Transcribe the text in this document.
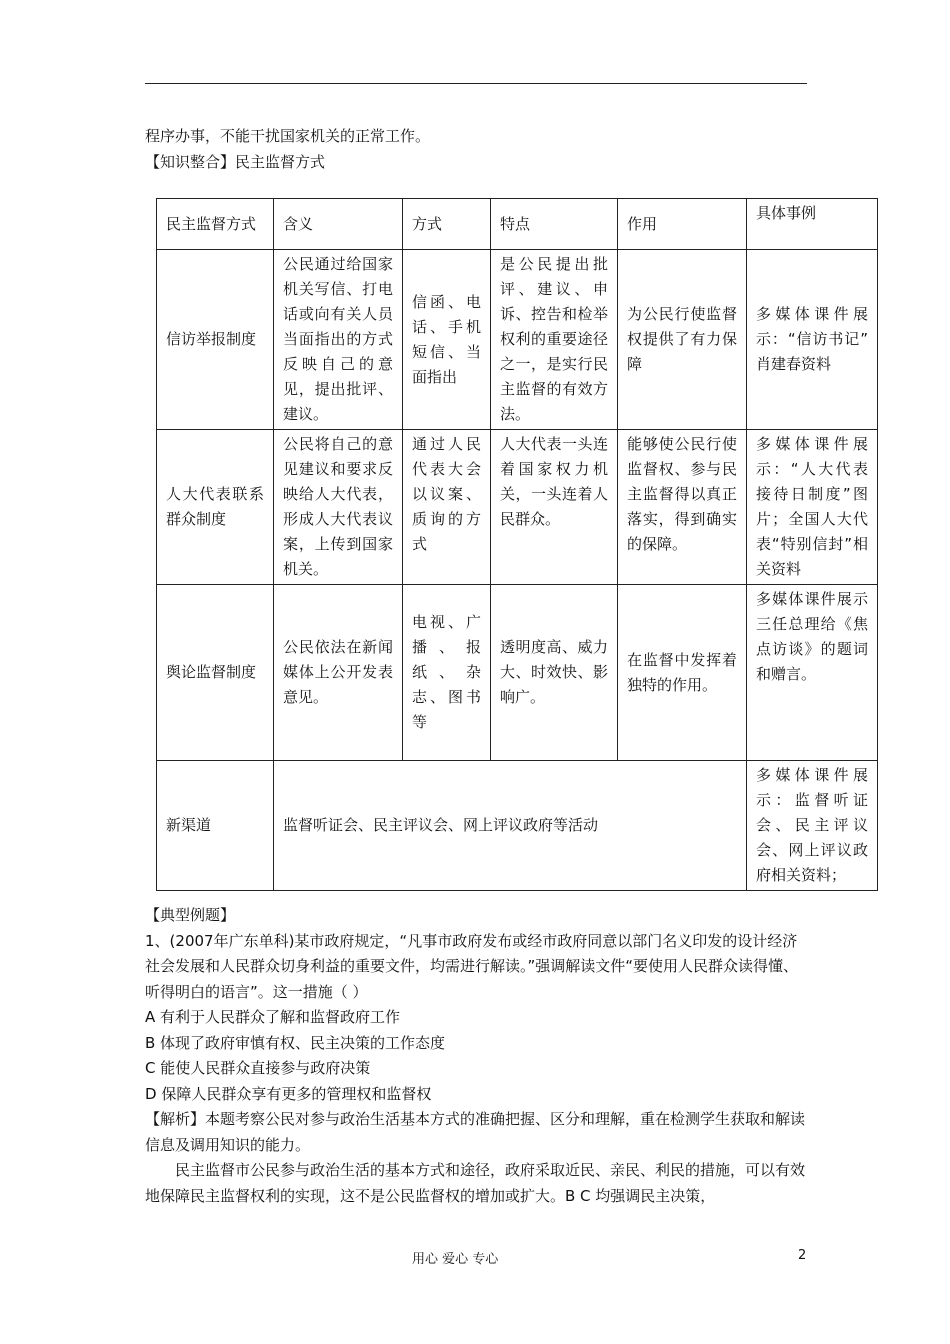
程序办事，不能干扰国家机关的正常工作。
【知识整合】民主监督方式
民主监督方式	含义	方式	特点	作用	具体事例
信访举报制度	公民通过给国家机关写信、打电话或向有关人员当面指出的方式反映自己的意见，提出批评、建议。	信函、电话、手机短信、当面指出	是公民提出批评、建议、申诉、控告和检举权利的重要途径之一，是实行民主监督的有效方法。	为公民行使监督权提供了有力保障	多媒体课件展示：“信访书记” 肖建春资料
人大代表联系群众制度	公民将自己的意见建议和要求反映给人大代表，形成人大代表议案，上传到国家机关。	通过人民代表大会以议案、质询的方式	人大代表一头连着国家权力机关，一头连着人民群众。	能够使公民行使监督权、参与民主监督得以真正落实，得到确实的保障。	多媒体课件展示：“人大代表接待日制度”图片；全国人大代表“特别信封”相关资料
舆论监督制度	公民依法在新闻媒体上公开发表意见。	电视、广播、报纸、杂志、图书等	透明度高、威力大、时效快、影响广。	在监督中发挥着独特的作用。	多媒体课件展示三任总理给《焦点访谈》的题词和赠言。
新渠道	监督听证会、民主评议会、网上评议政府等活动				多媒体课件展示：监督听证会、民主评议会、网上评议政府相关资料；

【典型例题】

1、(2007年广东单科)某市政府规定，“凡事市政府发布或经市政府同意以部门名义印发的设计经济社会发展和人民群众切身利益的重要文件，均需进行解读。”强调解读文件“要使用人民群众读得懂、听得明白的语言”。这一措施（ ）

A 有利于人民群众了解和监督政府工作

B 体现了政府审慎有权、民主决策的工作态度

C 能使人民群众直接参与政府决策

D 保障人民群众享有更多的管理权和监督权

【解析】本题考察公民对参与政治生活基本方式的准确把握、区分和理解，重在检测学生获取和解读信息及调用知识的能力。

民主监督市公民参与政治生活的基本方式和途径，政府采取近民、亲民、利民的措施，可以有效地保障民主监督权利的实现，这不是公民监督权的增加或扩大。B C 均强调民主决策，

用心 爱心 专心	2
